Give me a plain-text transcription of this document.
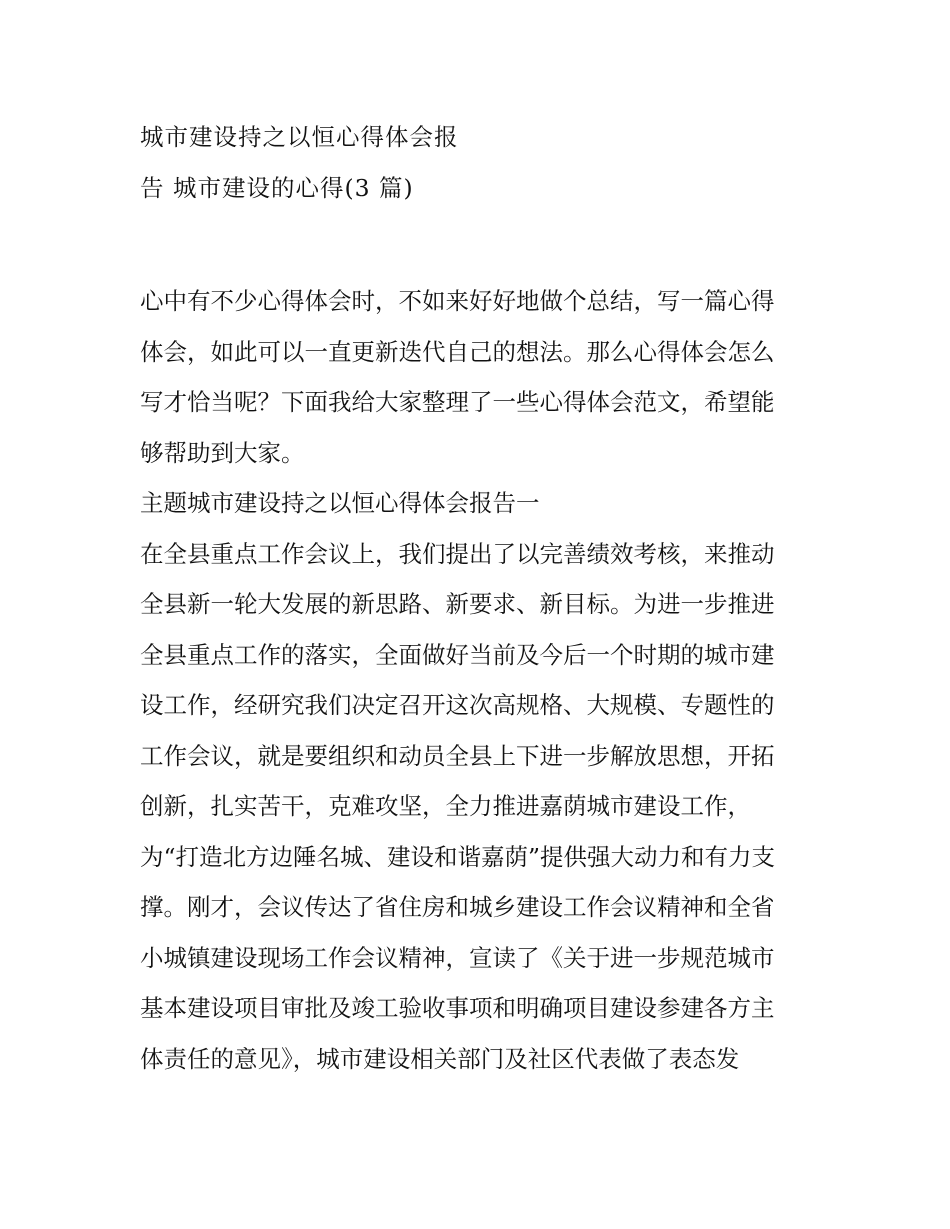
城市建设持之以恒心得体会报
告 城市建设的心得(3 篇)
心中有不少心得体会时，不如来好好地做个总结，写一篇心得
体会，如此可以一直更新迭代自己的想法。那么心得体会怎么
写才恰当呢？下面我给大家整理了一些心得体会范文，希望能
够帮助到大家。
主题城市建设持之以恒心得体会报告一
在全县重点工作会议上，我们提出了以完善绩效考核，来推动
全县新一轮大发展的新思路、新要求、新目标。为进一步推进
全县重点工作的落实，全面做好当前及今后一个时期的城市建
设工作，经研究我们决定召开这次高规格、大规模、专题性的
工作会议，就是要组织和动员全县上下进一步解放思想，开拓
创新，扎实苦干，克难攻坚，全力推进嘉荫城市建设工作，
为“打造北方边陲名城、建设和谐嘉荫”提供强大动力和有力支
撑。刚才，会议传达了省住房和城乡建设工作会议精神和全省
小城镇建设现场工作会议精神，宣读了《关于进一步规范城市
基本建设项目审批及竣工验收事项和明确项目建设参建各方主
体责任的意见》，城市建设相关部门及社区代表做了表态发
